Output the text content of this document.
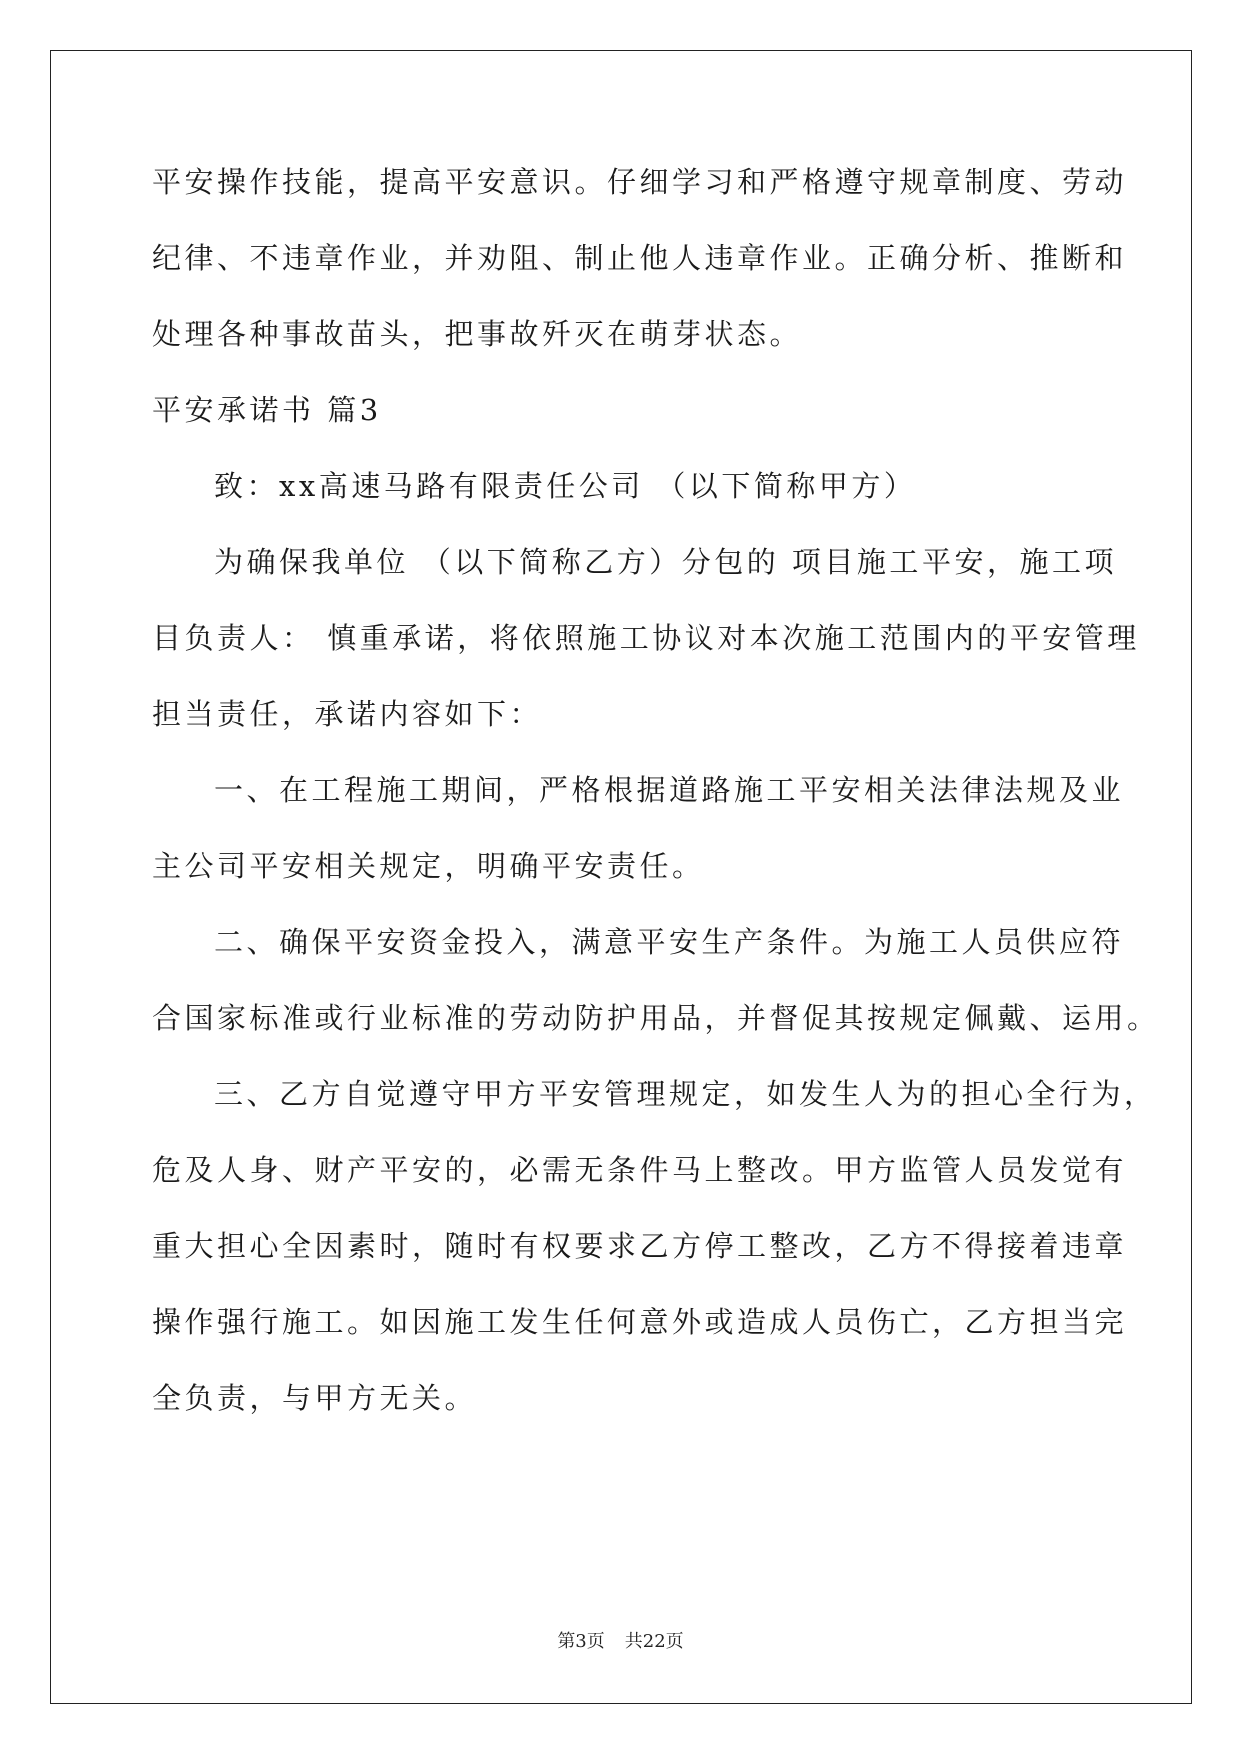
平安操作技能，提高平安意识。仔细学习和严格遵守规章制度、劳动
纪律、不违章作业，并劝阻、制止他人违章作业。正确分析、推断和
处理各种事故苗头，把事故歼灭在萌芽状态。
平安承诺书 篇3
致：xx高速马路有限责任公司 （以下简称甲方）
为确保我单位 （以下简称乙方）分包的 项目施工平安，施工项
目负责人： 慎重承诺，将依照施工协议对本次施工范围内的平安管理
担当责任，承诺内容如下：
一、在工程施工期间，严格根据道路施工平安相关法律法规及业
主公司平安相关规定，明确平安责任。
二、确保平安资金投入，满意平安生产条件。为施工人员供应符
合国家标准或行业标准的劳动防护用品，并督促其按规定佩戴、运用。
三、乙方自觉遵守甲方平安管理规定，如发生人为的担心全行为，
危及人身、财产平安的，必需无条件马上整改。甲方监管人员发觉有
重大担心全因素时，随时有权要求乙方停工整改，乙方不得接着违章
操作强行施工。如因施工发生任何意外或造成人员伤亡，乙方担当完
全负责，与甲方无关。
第3页 共22页
